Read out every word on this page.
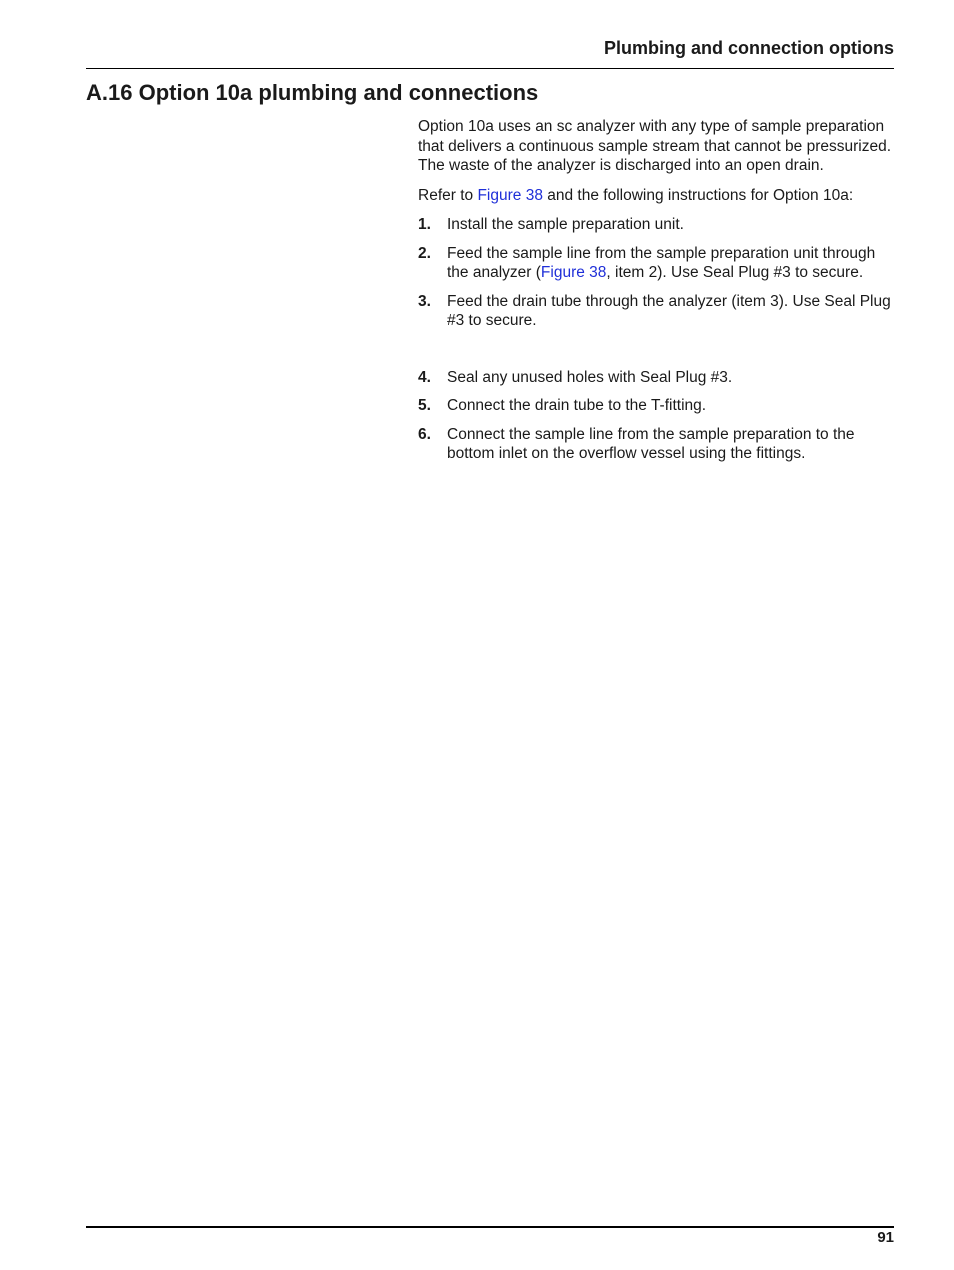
Plumbing and connection options
A.16 Option 10a plumbing and connections

Option 10a uses an sc analyzer with any type of sample preparation that delivers a continuous sample stream that cannot be pressurized. The waste of the analyzer is discharged into an open drain.

Refer to Figure 38 and the following instructions for Option 10a:

1. Install the sample preparation unit.
2. Feed the sample line from the sample preparation unit through the analyzer (Figure 38, item 2). Use Seal Plug #3 to secure.
3. Feed the drain tube through the analyzer (item 3). Use Seal Plug #3 to secure.
4. Seal any unused holes with Seal Plug #3.
5. Connect the drain tube to the T-fitting.
6. Connect the sample line from the sample preparation to the bottom inlet on the overflow vessel using the fittings.
91
